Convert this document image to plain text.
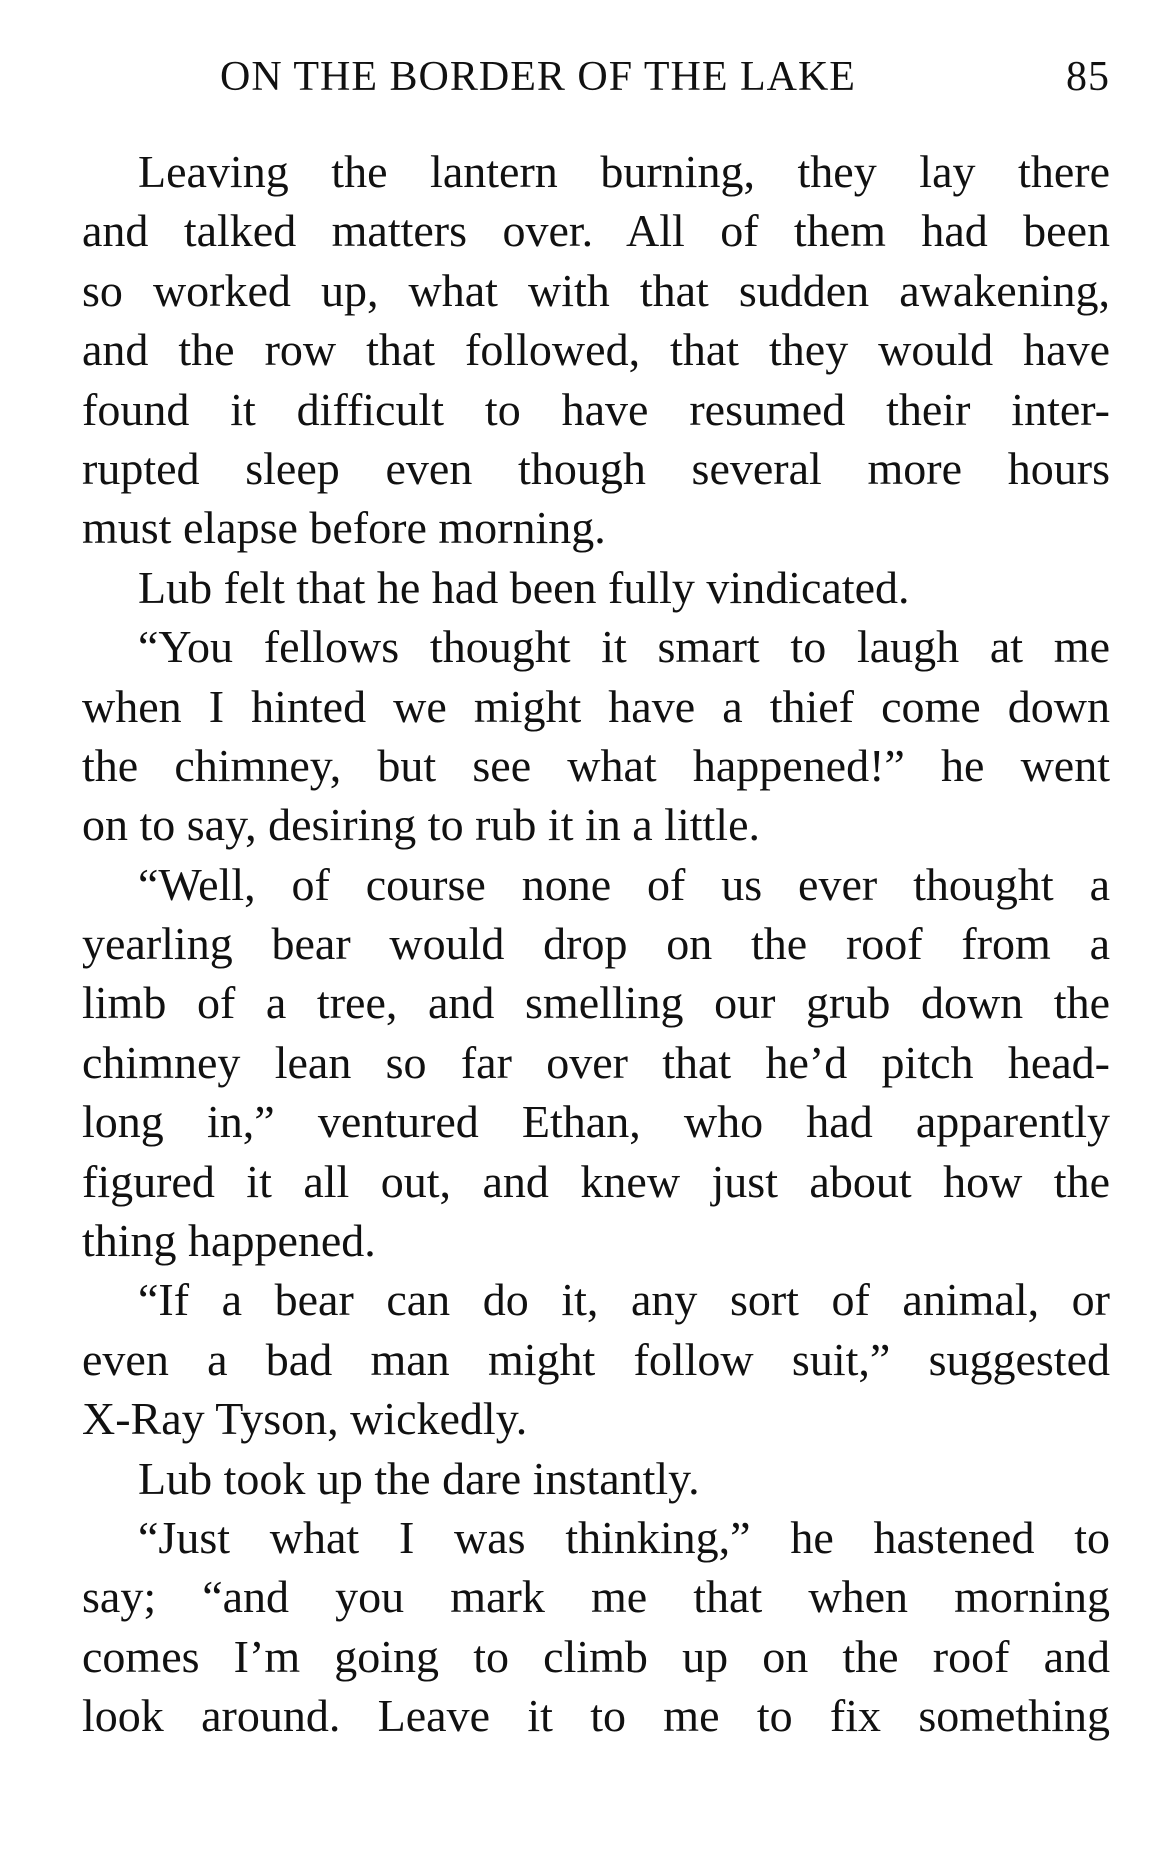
ON THE BORDER OF THE LAKE	85
Leaving the lantern burning, they lay there
and talked matters over. All of them had been
so worked up, what with that sudden awakening,
and the row that followed, that they would have
found it difficult to have resumed their inter-
rupted sleep even though several more hours
must elapse before morning.
Lub felt that he had been fully vindicated.
“You fellows thought it smart to laugh at me
when I hinted we might have a thief come down
the chimney, but see what happened!” he went
on to say, desiring to rub it in a little.
“Well, of course none of us ever thought a
yearling bear would drop on the roof from a
limb of a tree, and smelling our grub down the
chimney lean so far over that he’d pitch head-
long in,” ventured Ethan, who had apparently
figured it all out, and knew just about how the
thing happened.
“If a bear can do it, any sort of animal, or
even a bad man might follow suit,” suggested
X-Ray Tyson, wickedly.
Lub took up the dare instantly.
“Just what I was thinking,” he hastened to
say; “and you mark me that when morning
comes I’m going to climb up on the roof and
look around. Leave it to me to fix something
